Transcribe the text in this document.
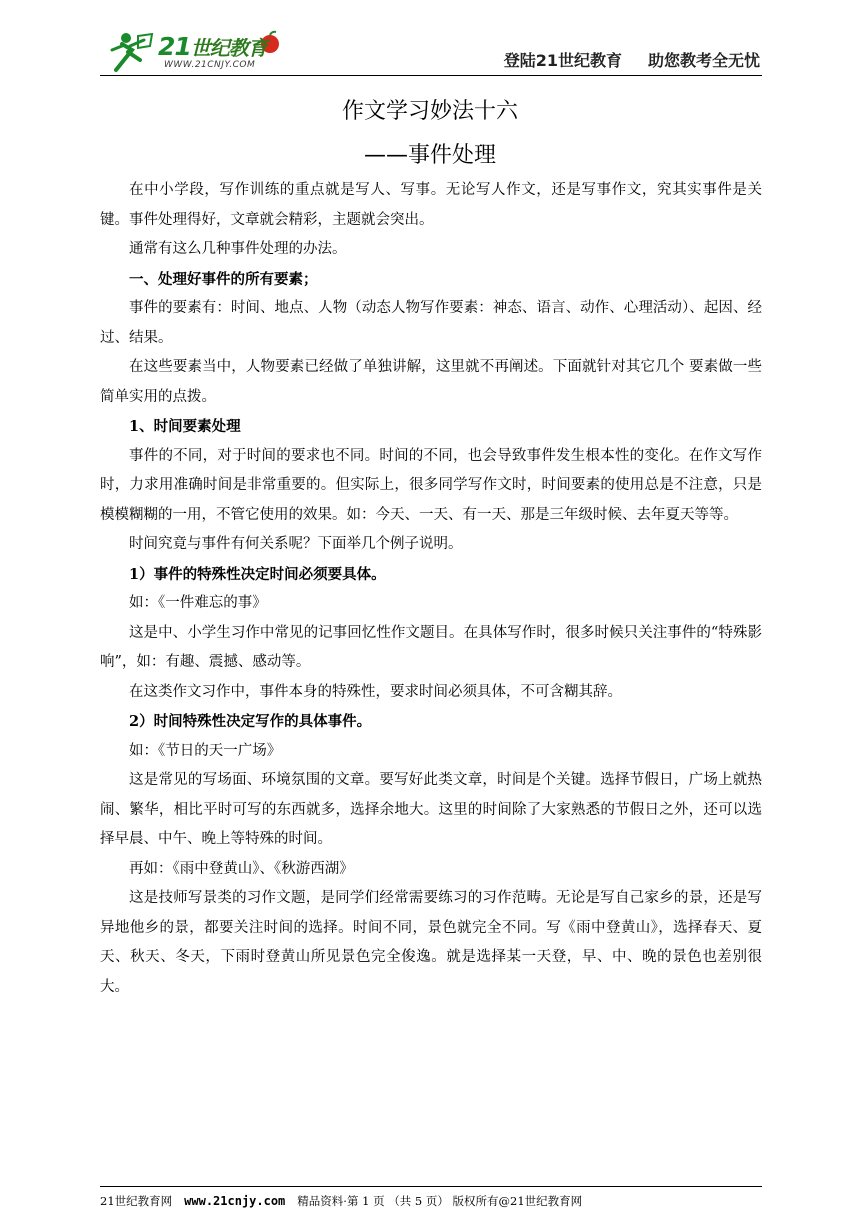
21世纪教育
WWW.21CNJY.COM	登陆21世纪教育 助您教考全无忧
作文学习妙法十六
——事件处理

在中小学段，写作训练的重点就是写人、写事。无论写人作文，还是写事作文，究其实事件是关键。事件处理得好，文章就会精彩，主题就会突出。

通常有这么几种事件处理的办法。

一、处理好事件的所有要素；

事件的要素有：时间、地点、人物（动态人物写作要素：神态、语言、动作、心理活动）、起因、经过、结果。

在这些要素当中，人物要素已经做了单独讲解，这里就不再阐述。下面就针对其它几个 要素做一些简单实用的点拨。

1、时间要素处理

事件的不同，对于时间的要求也不同。时间的不同，也会导致事件发生根本性的变化。在作文写作时，力求用准确时间是非常重要的。但实际上，很多同学写作文时，时间要素的使用总是不注意，只是模模糊糊的一用，不管它使用的效果。如：今天、一天、有一天、那是三年级时候、去年夏天等等。

时间究竟与事件有何关系呢？下面举几个例子说明。

1）事件的特殊性决定时间必须要具体。

如：《一件难忘的事》

这是中、小学生习作中常见的记事回忆性作文题目。在具体写作时，很多时候只关注事件的“特殊影响”，如：有趣、震撼、感动等。

在这类作文习作中，事件本身的特殊性，要求时间必须具体，不可含糊其辞。

2）时间特殊性决定写作的具体事件。

如：《节日的天一广场》

这是常见的写场面、环境氛围的文章。要写好此类文章，时间是个关键。选择节假日，广场上就热闹、繁华，相比平时可写的东西就多，选择余地大。这里的时间除了大家熟悉的节假日之外，还可以选择早晨、中午、晚上等特殊的时间。

再如：《雨中登黄山》、《秋游西湖》

这是技师写景类的习作文题，是同学们经常需要练习的习作范畴。无论是写自己家乡的景，还是写异地他乡的景，都要关注时间的选择。时间不同，景色就完全不同。写《雨中登黄山》，选择春天、夏天、秋天、冬天，下雨时登黄山所见景色完全俊逸。就是选择某一天登，早、中、晚的景色也差别很大。

21世纪教育网 www.21cnjy.com 精品资料·第 1 页 （共 5 页） 版权所有@21世纪教育网
